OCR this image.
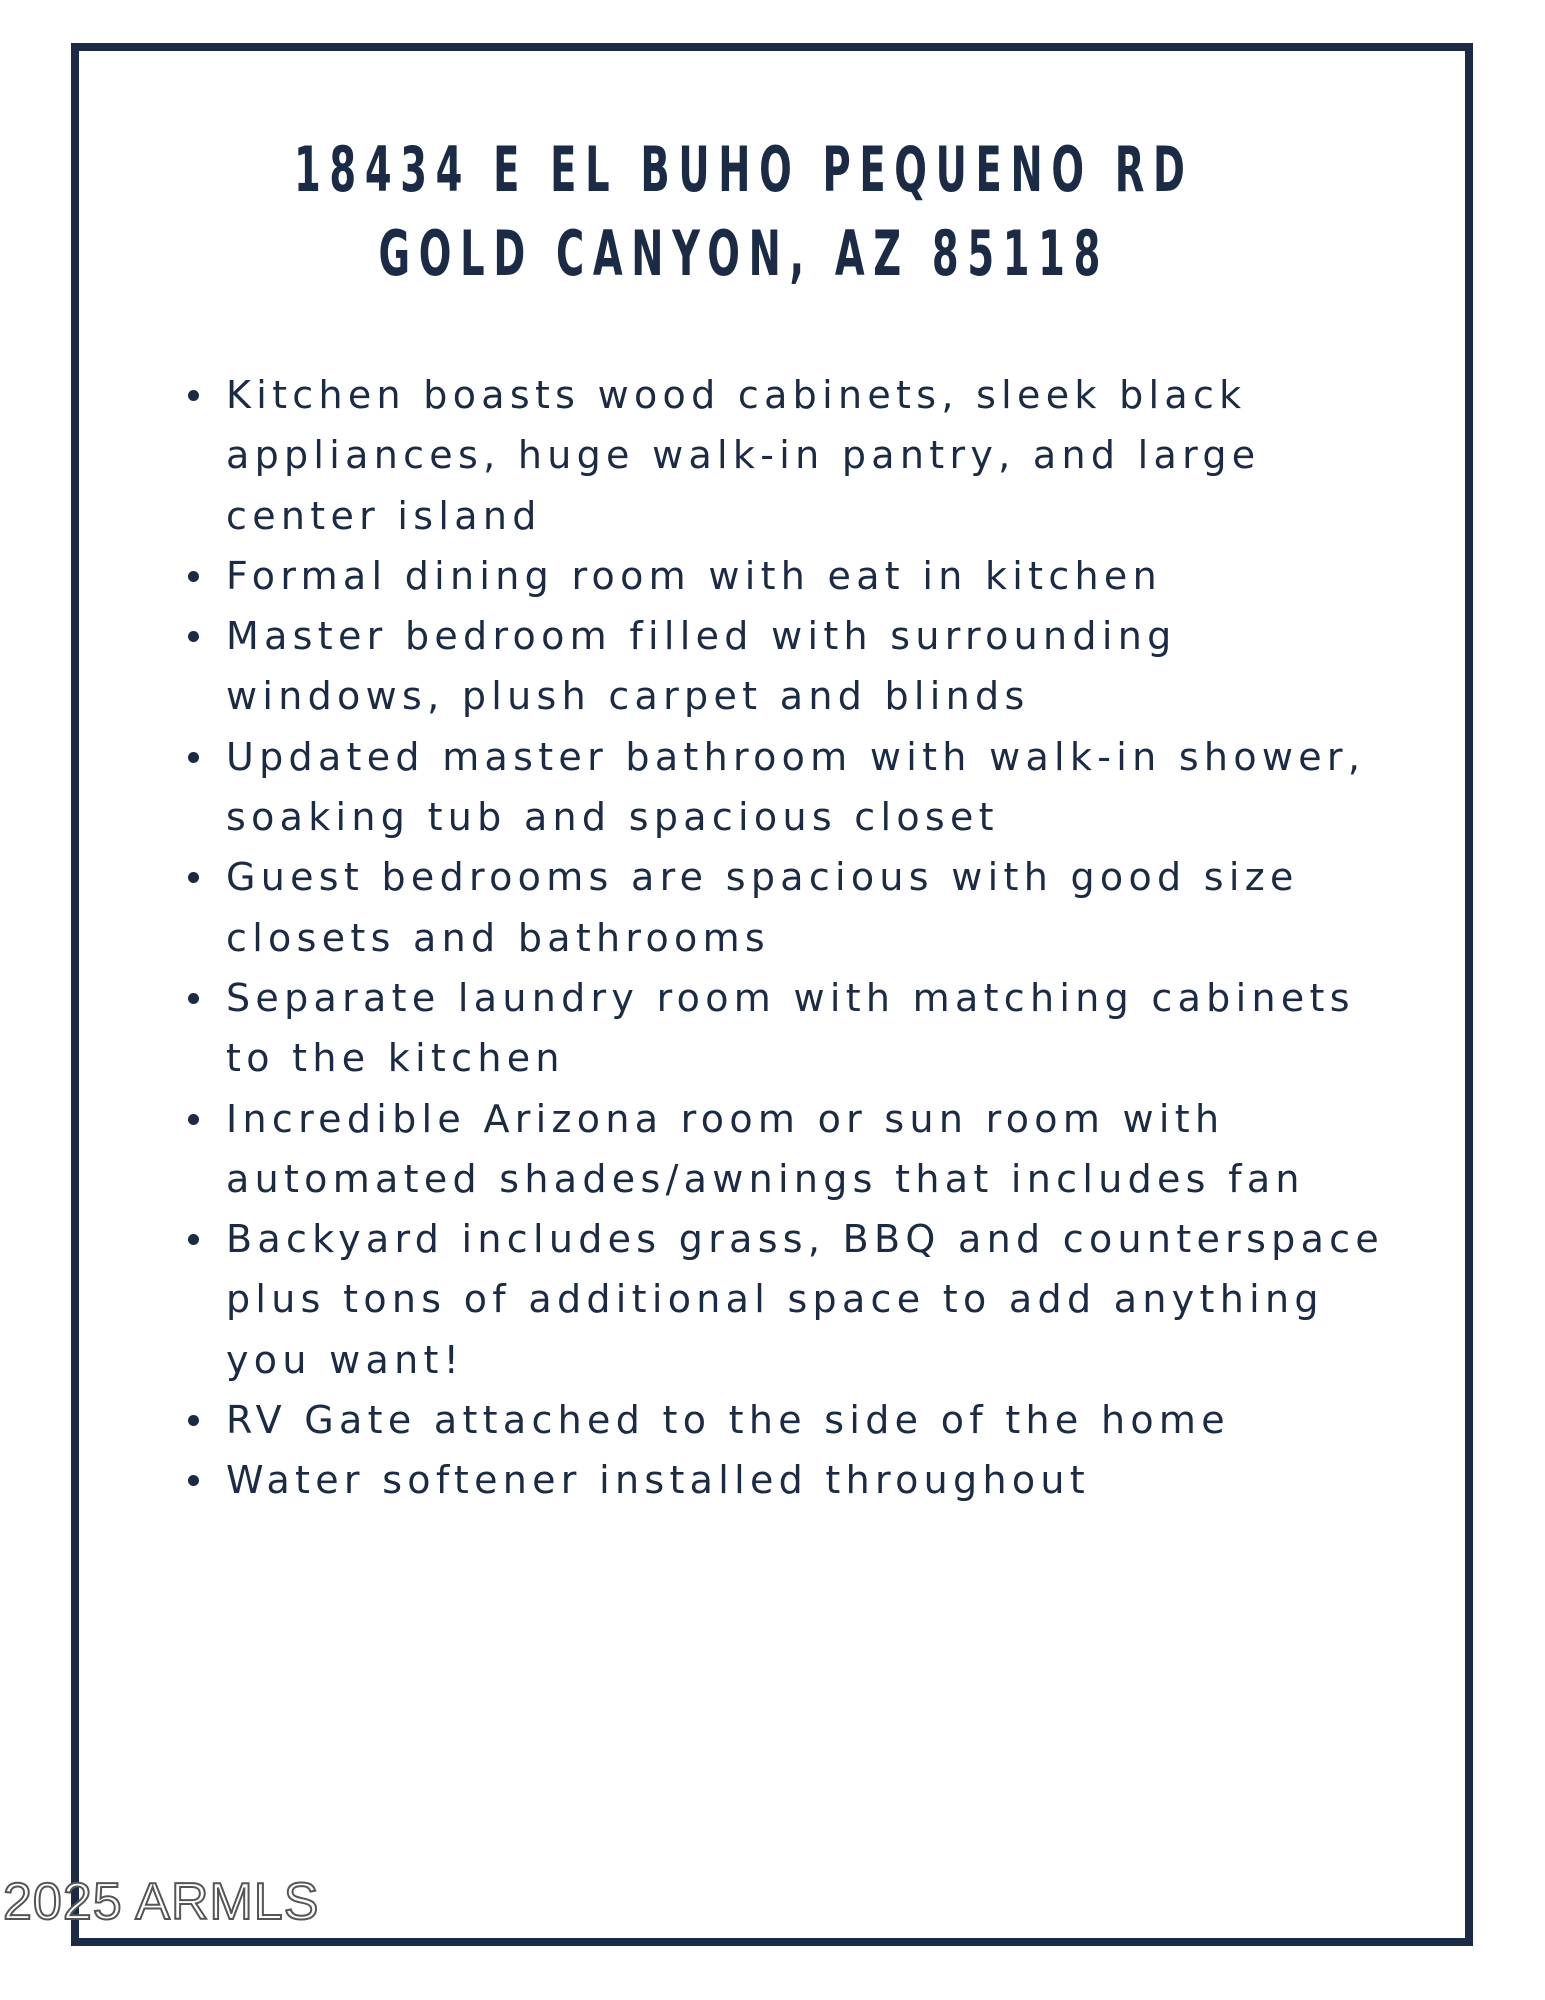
18434 E EL BUHO PEQUENO RD
GOLD CANYON, AZ 85118
Kitchen boasts wood cabinets, sleek black appliances, huge walk-in pantry, and large center island
Formal dining room with eat in kitchen
Master bedroom filled with surrounding windows, plush carpet and blinds
Updated master bathroom with walk-in shower, soaking tub and spacious closet
Guest bedrooms are spacious with good size closets and bathrooms
Separate laundry room with matching cabinets to the kitchen
Incredible Arizona room or sun room with automated shades/awnings that includes fan
Backyard includes grass, BBQ and counterspace plus tons of additional space to add anything you want!
RV Gate attached to the side of the home
Water softener installed throughout
2025 ARMLS
